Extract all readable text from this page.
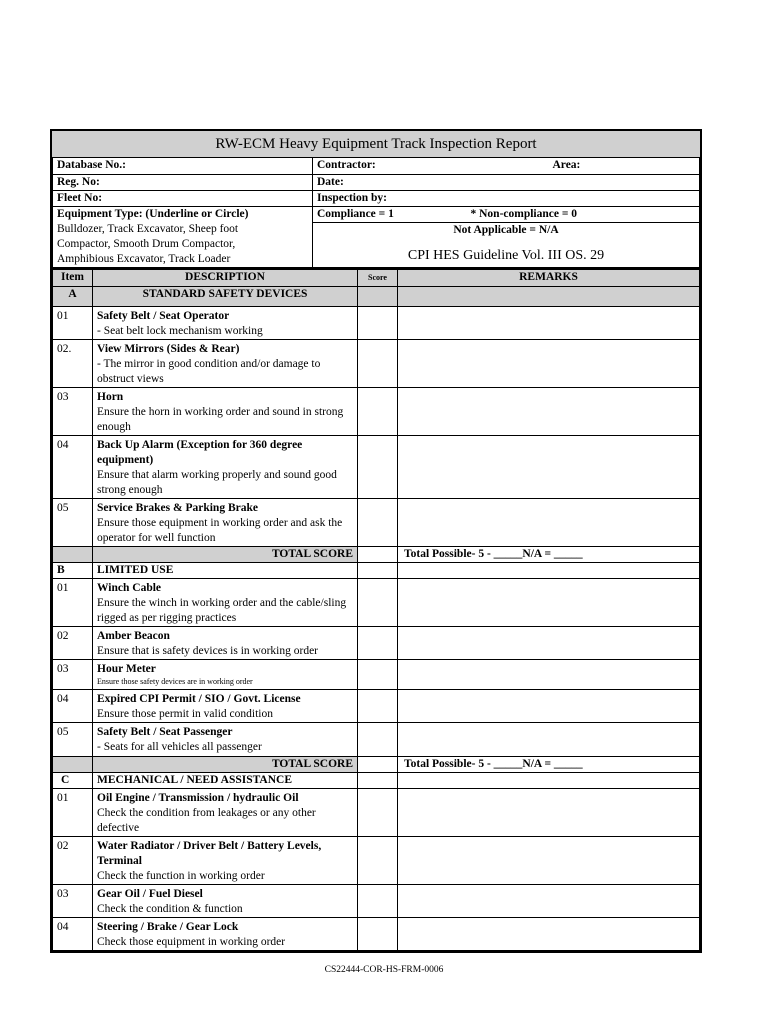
RW-ECM Heavy Equipment Track Inspection Report
Database No.:	Contractor:	Area:
Reg. No:	Date:	
Fleet No:	Inspection by:	

Equipment Type: (Underline or Circle)
Bulldozer, Track Excavator, Sheep foot
Compactor, Smooth Drum Compactor,
Amphibious Excavator, Track Loader	Compliance = 1	* Non-compliance = 0
	Not Applicable = N/A	
	CPI HES Guideline Vol. III OS. 29	
Item	DESCRIPTION	Score	REMARKS
A	STANDARD SAFETY DEVICES		
01	Safety Belt / Seat Operator
- Seat belt lock mechanism working		

02.	View Mirrors (Sides & Rear)
- The mirror in good condition and/or damage to obstruct views		

03	Horn
Ensure the horn in working order and sound in strong enough		

04	Back Up Alarm (Exception for 360 degree equipment)
Ensure that alarm working properly and sound good strong enough		

05	Service Brakes & Parking Brake
Ensure those equipment in working order and ask the operator for well function		

	TOTAL SCORE		Total Possible- 5 - _____N/A = _____
B	LIMITED USE		
01	Winch Cable
Ensure the winch in working order and the cable/sling rigged as per rigging practices		

02	Amber Beacon
Ensure that is safety devices is in working order		

03	Hour Meter
Ensure those safety devices are in working order		

04	Expired CPI Permit / SIO / Govt. License
Ensure those permit in valid condition		

05	Safety Belt / Seat Passenger
- Seats for all vehicles all passenger		

	TOTAL SCORE		Total Possible- 5 - _____N/A = _____
C	MECHANICAL / NEED ASSISTANCE		
01	Oil Engine / Transmission / hydraulic Oil
Check the condition from leakages or any other defective		

02	Water Radiator / Driver Belt / Battery Levels, Terminal
Check the function in working order		

03	Gear Oil / Fuel Diesel
Check the condition & function		

04	Steering / Brake / Gear Lock
Check those equipment in working order		

CS22444-COR-HS-FRM-0006
